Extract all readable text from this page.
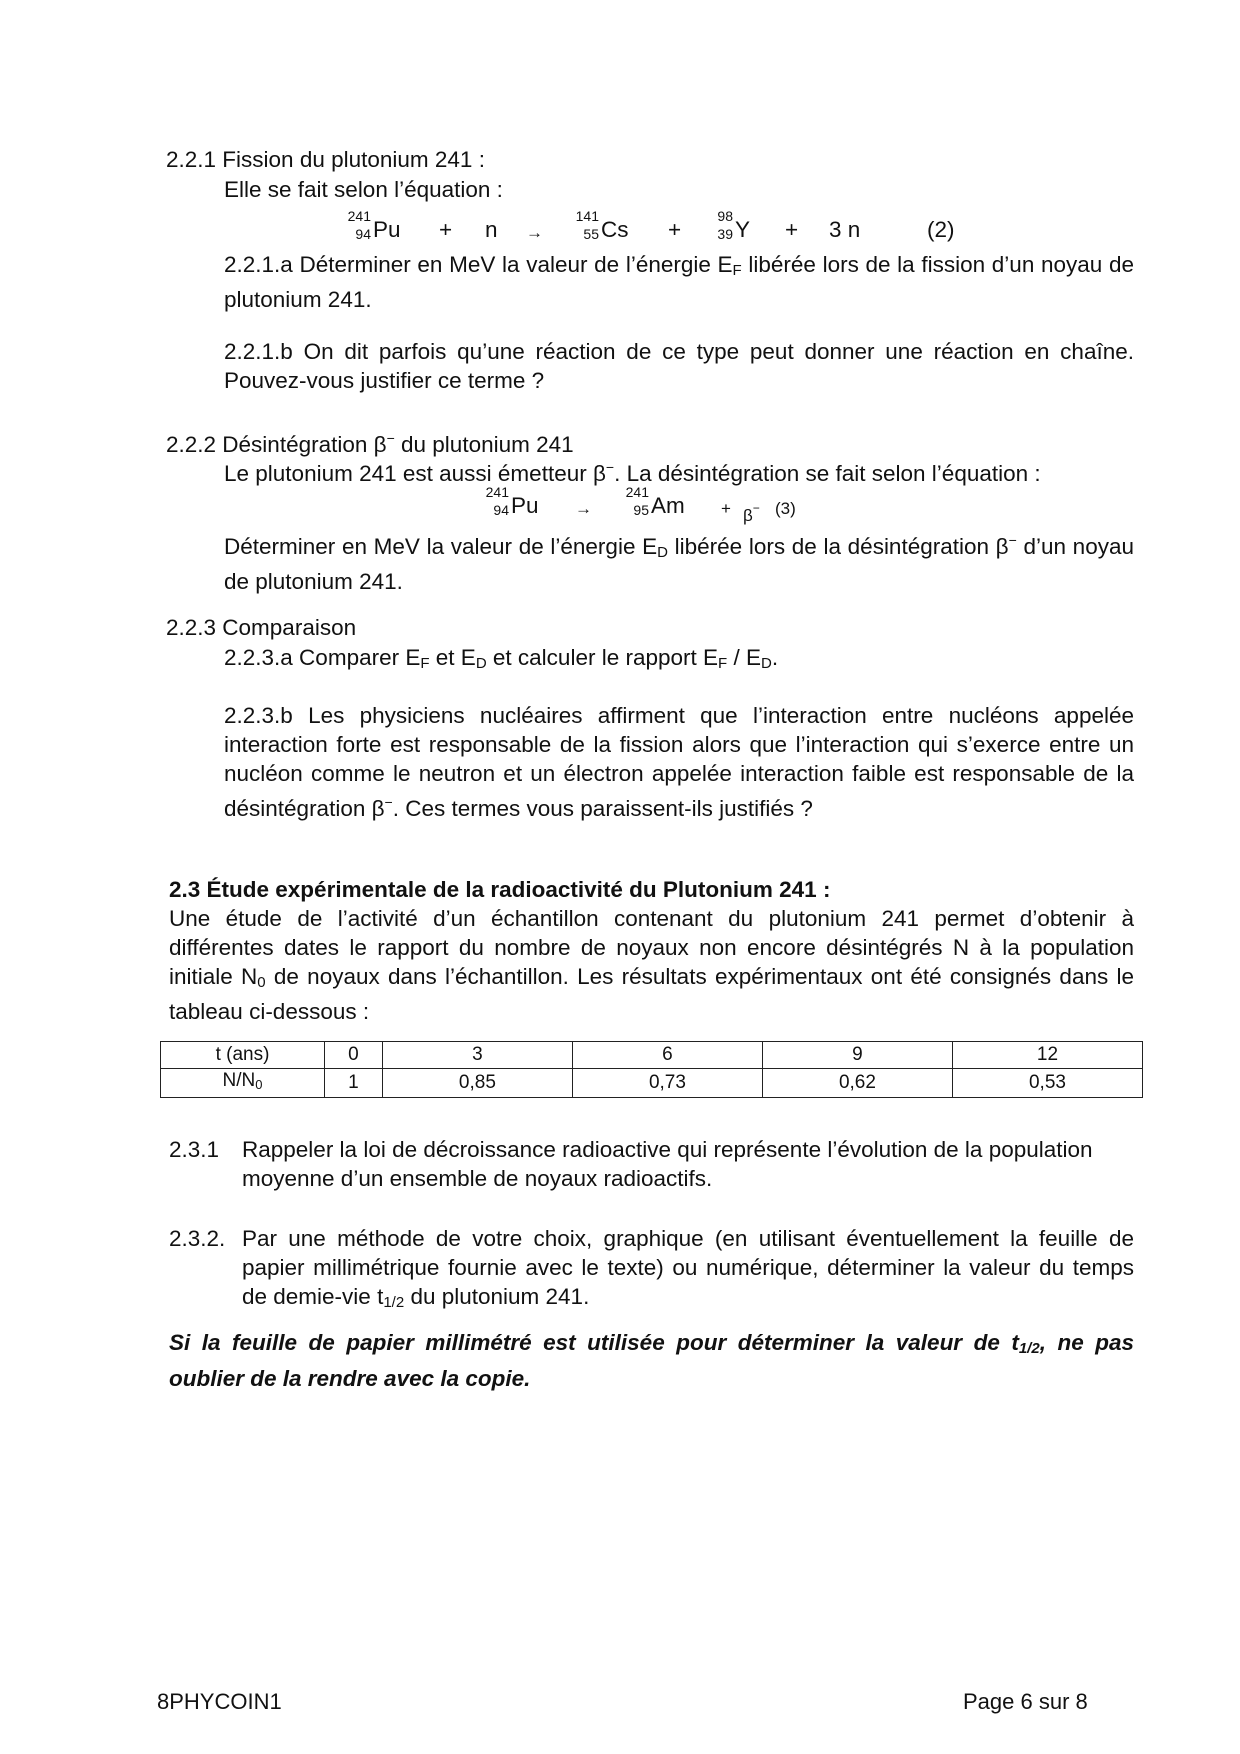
2.2.1 Fission du plutonium 241 :
Elle se fait selon l’équation :
241
94 Pu + n →
141
55 Cs +
98
39 Y + 3 n	(2)
2.2.1.a Déterminer en MeV la valeur de l’énergie $E_F$ libérée lors de la fission d’un noyau de plutonium 241.
2.2.1.b On dit parfois qu’une réaction de ce type peut donner une réaction en chaîne. Pouvez-vous justifier ce terme ?
2.2.2 Désintégration β− du plutonium 241
Le plutonium 241 est aussi émetteur β−. La désintégration se fait selon l’équation :
241
94 Pu →
241
95 Am + β− (3)
Déterminer en MeV la valeur de l’énergie $E_D$ libérée lors de la désintégration β− d’un noyau de plutonium 241.
2.2.3 Comparaison
2.2.3.a Comparer $E_F$ et $E_D$ et calculer le rapport $E_F / E_D$.
2.2.3.b Les physiciens nucléaires affirment que l’interaction entre nucléons appelée interaction forte est responsable de la fission alors que l’interaction qui s’exerce entre un nucléon comme le neutron et un électron appelée interaction faible est responsable de la désintégration β−. Ces termes vous paraissent-ils justifiés ?
2.3 Étude expérimentale de la radioactivité du Plutonium 241 :
Une étude de l’activité d’un échantillon contenant du plutonium 241 permet d’obtenir à différentes dates le rapport du nombre de noyaux non encore désintégrés N à la population initiale $N_0$ de noyaux dans l’échantillon. Les résultats expérimentaux ont été consignés dans le tableau ci-dessous :
t (ans)	0	3	6	9	12
$N/N_0$	1	0,85	0,73	0,62	0,53
2.3.1	Rappeler la loi de décroissance radioactive qui représente l’évolution de la population moyenne d’un ensemble de noyaux radioactifs.
2.3.2. Par une méthode de votre choix, graphique (en utilisant éventuellement la feuille de papier millimétrique fournie avec le texte) ou numérique, déterminer la valeur du temps de demie-vie $t_{1/2}$ du plutonium 241.
Si la feuille de papier millimétré est utilisée pour déterminer la valeur de $t_{1/2}$, ne pas oublier de la rendre avec la copie.
8PHYCOIN1	Page 6 sur 8
